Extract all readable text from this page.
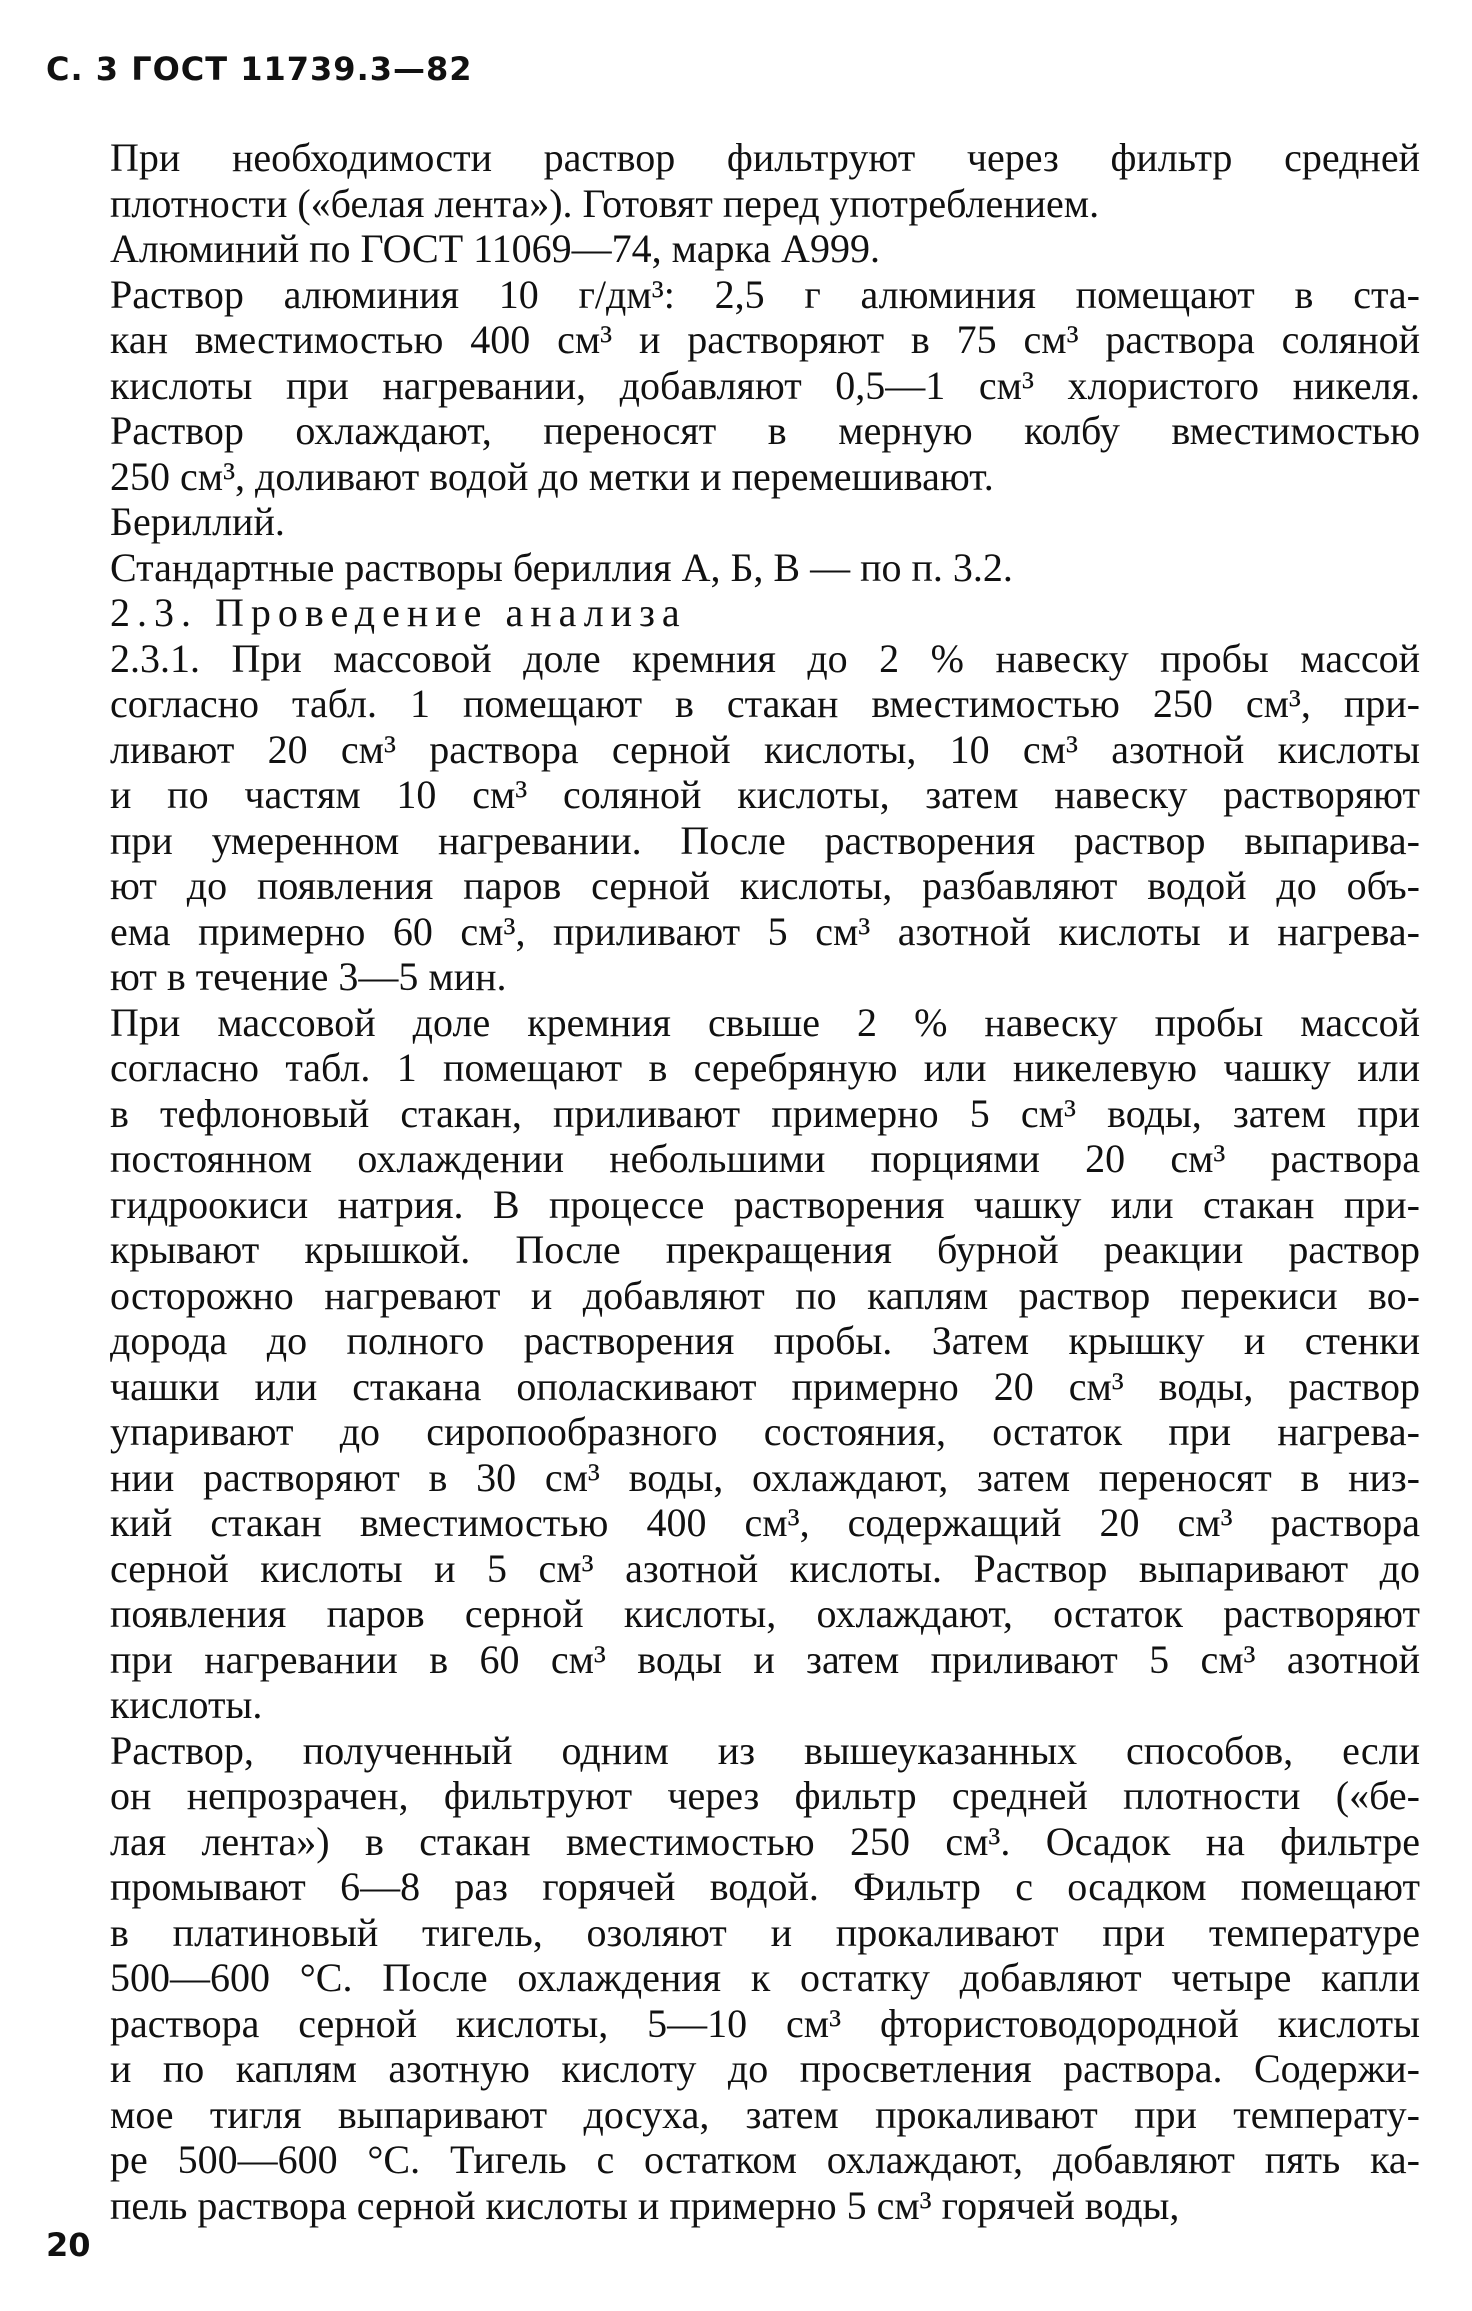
С. 3 ГОСТ 11739.3—82
При необходимости раствор фильтруют через фильтр средней
плотности («белая лента»). Готовят перед употреблением.
Алюминий по ГОСТ 11069—74, марка А999.
Раствор алюминия 10 г/дм³: 2,5 г алюминия помещают в ста-
кан вместимостью 400 см³ и растворяют в 75 см³ раствора соляной
кислоты при нагревании, добавляют 0,5—1 см³ хлористого никеля.
Раствор охлаждают, переносят в мерную колбу вместимостью
250 см³, доливают водой до метки и перемешивают.
Бериллий.
Стандартные растворы бериллия А, Б, В — по п. 3.2.
2.3. Проведение анализа
2.3.1. При массовой доле кремния до 2 % навеску пробы массой
согласно табл. 1 помещают в стакан вместимостью 250 см³, при-
ливают 20 см³ раствора серной кислоты, 10 см³ азотной кислоты
и по частям 10 см³ соляной кислоты, затем навеску растворяют
при умеренном нагревании. После растворения раствор выпарива-
ют до появления паров серной кислоты, разбавляют водой до объ-
ема примерно 60 см³, приливают 5 см³ азотной кислоты и нагрева-
ют в течение 3—5 мин.
При массовой доле кремния свыше 2 % навеску пробы массой
согласно табл. 1 помещают в серебряную или никелевую чашку или
в тефлоновый стакан, приливают примерно 5 см³ воды, затем при
постоянном охлаждении небольшими порциями 20 см³ раствора
гидроокиси натрия. В процессе растворения чашку или стакан при-
крывают крышкой. После прекращения бурной реакции раствор
осторожно нагревают и добавляют по каплям раствор перекиси во-
дорода до полного растворения пробы. Затем крышку и стенки
чашки или стакана ополаскивают примерно 20 см³ воды, раствор
упаривают до сиропообразного состояния, остаток при нагрева-
нии растворяют в 30 см³ воды, охлаждают, затем переносят в низ-
кий стакан вместимостью 400 см³, содержащий 20 см³ раствора
серной кислоты и 5 см³ азотной кислоты. Раствор выпаривают до
появления паров серной кислоты, охлаждают, остаток растворяют
при нагревании в 60 см³ воды и затем приливают 5 см³ азотной
кислоты.
Раствор, полученный одним из вышеуказанных способов, если
он непрозрачен, фильтруют через фильтр средней плотности («бе-
лая лента») в стакан вместимостью 250 см³. Осадок на фильтре
промывают 6—8 раз горячей водой. Фильтр с осадком помещают
в платиновый тигель, озоляют и прокаливают при температуре
500—600 °С. После охлаждения к остатку добавляют четыре капли
раствора серной кислоты, 5—10 см³ фтористоводородной кислоты
и по каплям азотную кислоту до просветления раствора. Содержи-
мое тигля выпаривают досуха, затем прокаливают при температу-
ре 500—600 °С. Тигель с остатком охлаждают, добавляют пять ка-
пель раствора серной кислоты и примерно 5 см³ горячей воды,
20
